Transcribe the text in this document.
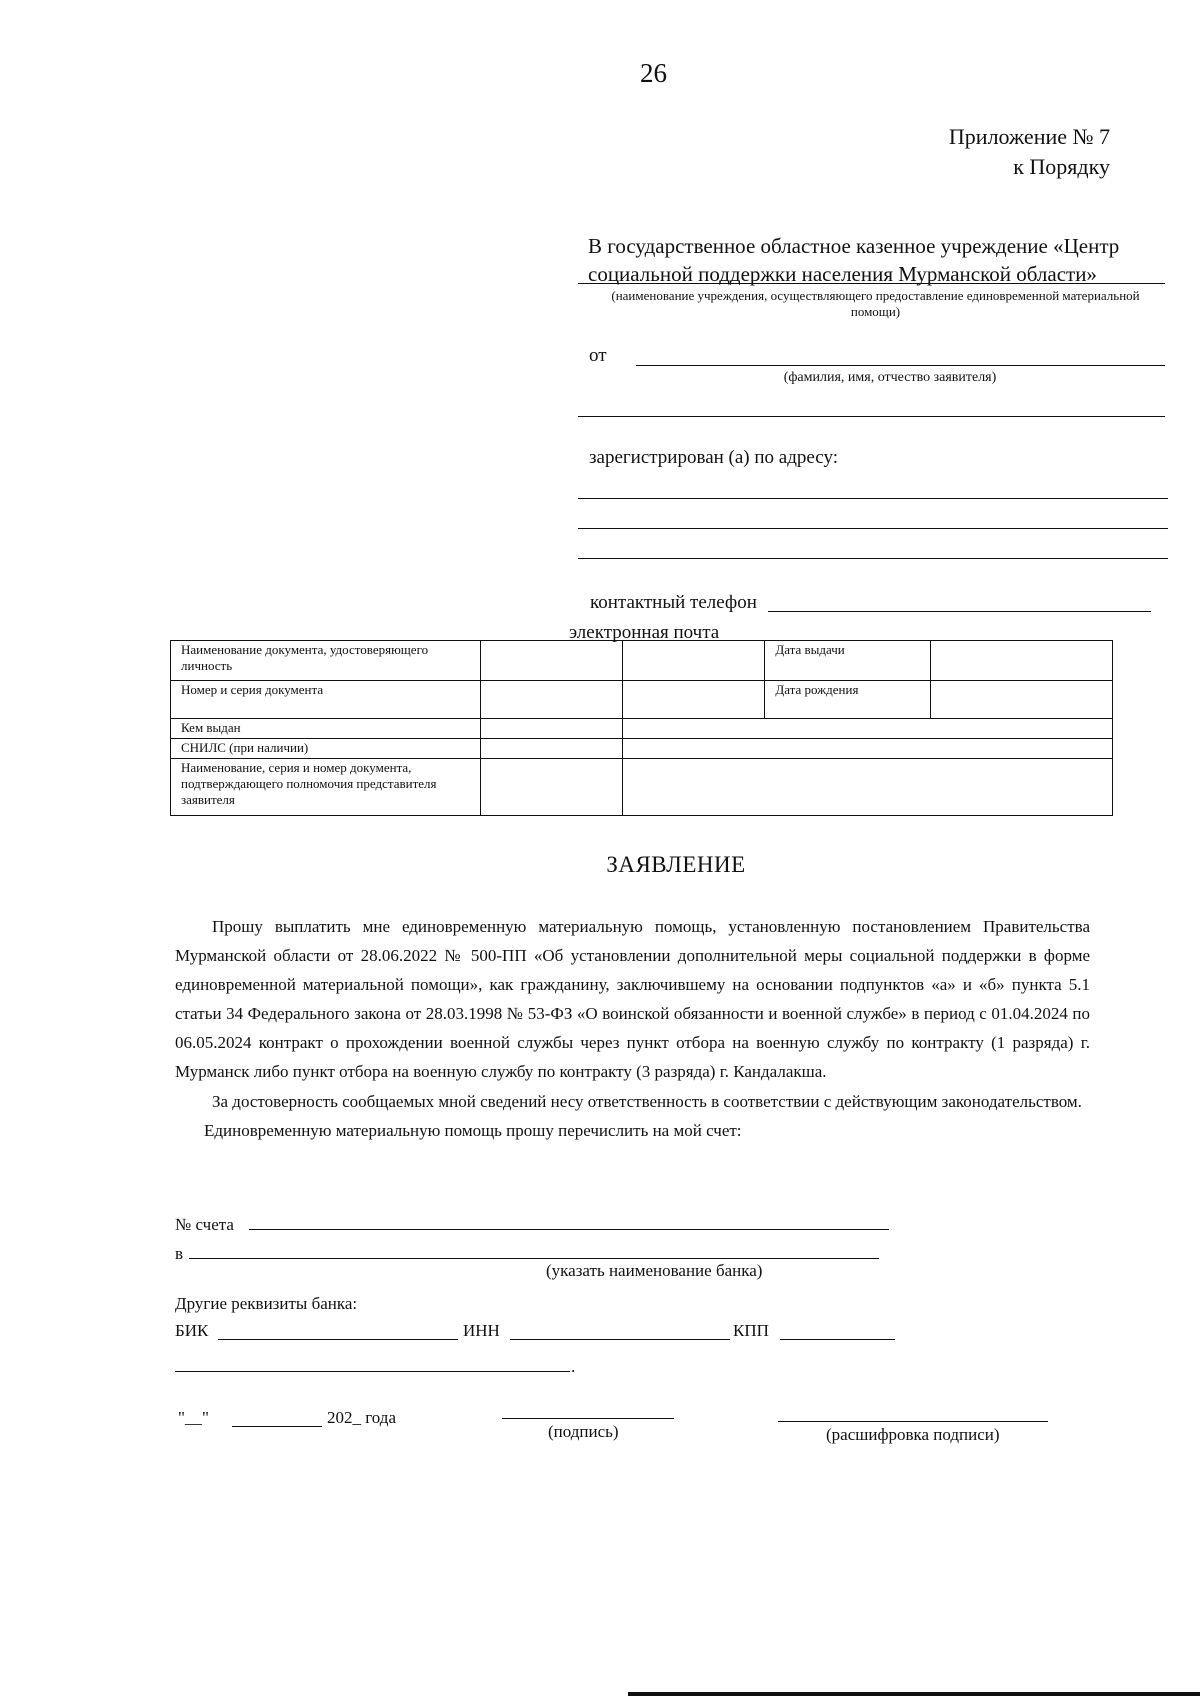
26
Приложение № 7
к Порядку
В государственное областное казенное учреждение «Центр
социальной поддержки населения Мурманской области»
(наименование учреждения, осуществляющего предоставление единовременной материальной помощи)
от
(фамилия, имя, отчество заявителя)
зарегистрирован (а) по адресу:
контактный телефон
электронная почта
Наименование документа, удостоверяющего личность			Дата выдачи	
Номер и серия документа			Дата рождения	
Кем выдан				
СНИЛС (при наличии)				
Наименование, серия и номер документа, подтверждающего полномочия представителя заявителя				
ЗАЯВЛЕНИЕ

Прошу выплатить мне единовременную материальную помощь, установленную постановлением Правительства Мурманской области от 28.06.2022 № 500-ПП «Об установлении дополнительной меры социальной поддержки в форме единовременной материальной помощи», как гражданину, заключившему на основании подпунктов «а» и «б» пункта 5.1 статьи 34 Федерального закона от 28.03.1998 № 53-ФЗ «О воинской обязанности и военной службе» в период с 01.04.2024 по 06.05.2024 контракт о прохождении военной службы через пункт отбора на военную службу по контракту (1 разряда) г. Мурманск либо пункт отбора на военную службу по контракту (3 разряда) г. Кандалакша.

За достоверность сообщаемых мной сведений несу ответственность в соответствии с действующим законодательством.

Единовременную материальную помощь прошу перечислить на мой счет:

№ счета
в
(указать наименование банка)
Другие реквизиты банка:
БИК	ИНН	КПП
.
"__"	202_ года
(подпись)	(расшифровка подписи)
